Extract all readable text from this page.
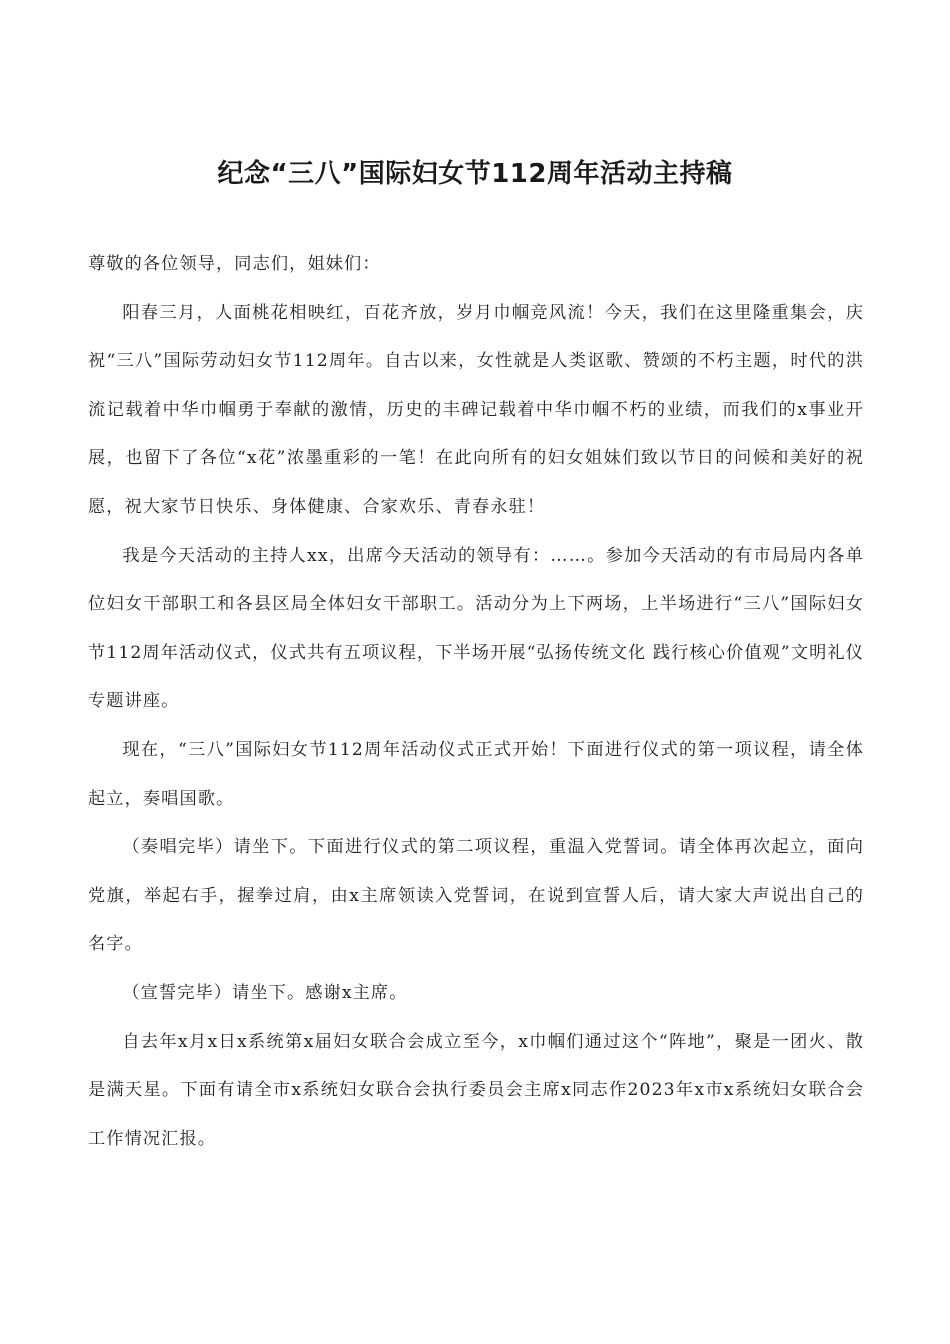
纪念“三八”国际妇女节112周年活动主持稿

尊敬的各位领导，同志们，姐妹们：

阳春三月，人面桃花相映红，百花齐放，岁月巾帼竞风流！今天，我们在这里隆重集会，庆祝“三八”国际劳动妇女节112周年。自古以来，女性就是人类讴歌、赞颂的不朽主题，时代的洪流记载着中华巾帼勇于奉献的激情，历史的丰碑记载着中华巾帼不朽的业绩，而我们的x事业开展，也留下了各位“x花”浓墨重彩的一笔！在此向所有的妇女姐妹们致以节日的问候和美好的祝愿，祝大家节日快乐、身体健康、合家欢乐、青春永驻！

我是今天活动的主持人xx，出席今天活动的领导有：……。参加今天活动的有市局局内各单位妇女干部职工和各县区局全体妇女干部职工。活动分为上下两场，上半场进行“三八”国际妇女节112周年活动仪式，仪式共有五项议程，下半场开展“弘扬传统文化 践行核心价值观”文明礼仪专题讲座。

现在，“三八”国际妇女节112周年活动仪式正式开始！下面进行仪式的第一项议程，请全体起立，奏唱国歌。

（奏唱完毕）请坐下。下面进行仪式的第二项议程，重温入党誓词。请全体再次起立，面向党旗，举起右手，握拳过肩，由x主席领读入党誓词，在说到宣誓人后，请大家大声说出自己的名字。

（宣誓完毕）请坐下。感谢x主席。

自去年x月x日x系统第x届妇女联合会成立至今，x巾帼们通过这个“阵地”，聚是一团火、散是满天星。下面有请全市x系统妇女联合会执行委员会主席x同志作2023年x市x系统妇女联合会工作情况汇报。
